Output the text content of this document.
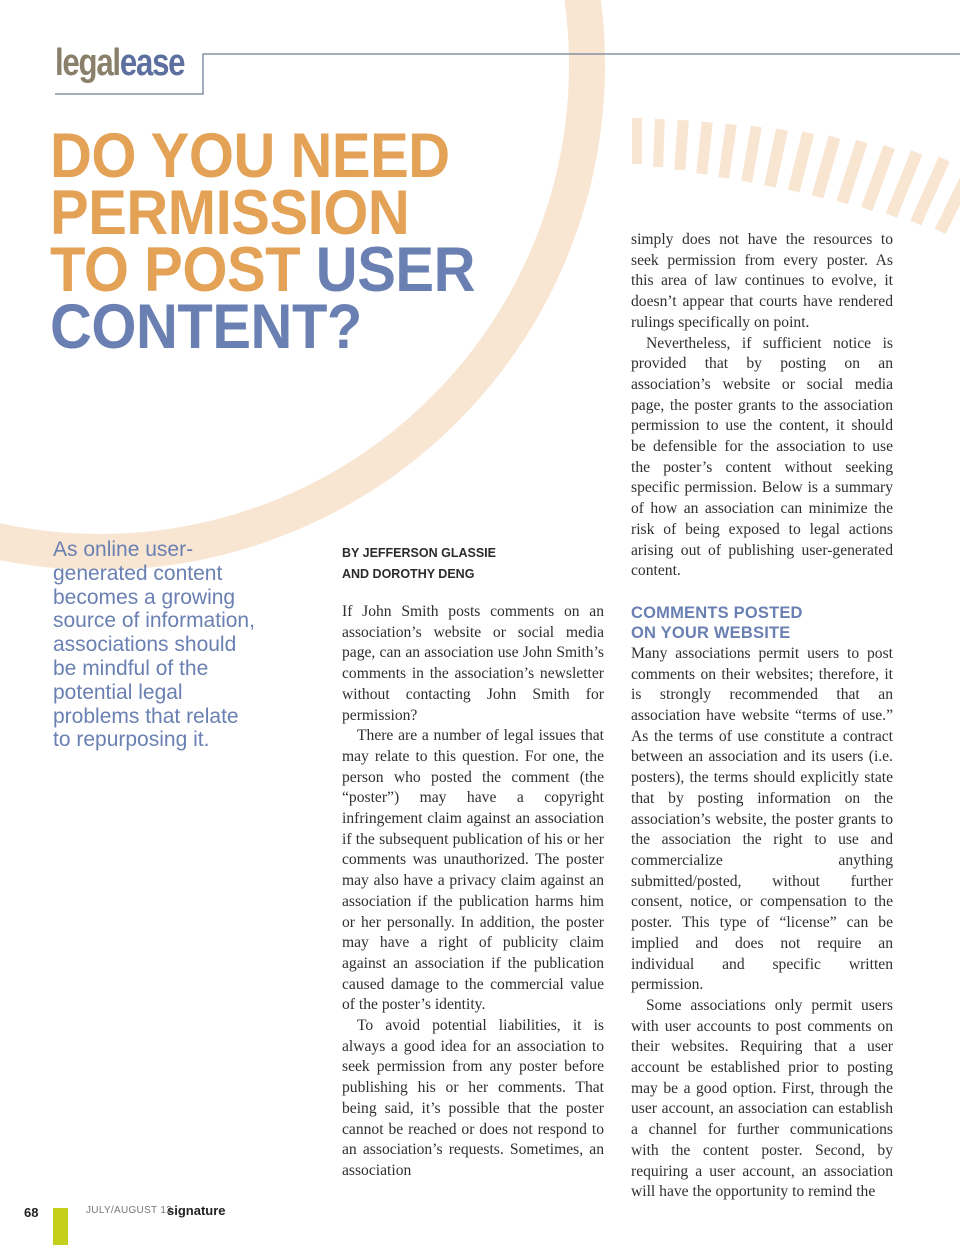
legalease
DO YOU NEED
PERMISSION
TO POST USER
CONTENT?
As online user-
generated content
becomes a growing
source of information,
associations should
be mindful of the
potential legal
problems that relate
to repurposing it.
BY JEFFERSON GLASSIE
AND DOROTHY DENG

If John Smith posts comments on an association’s website or social media page, can an association use John Smith’s comments in the association’s newsletter without contacting John Smith for permission?

There are a number of legal issues that may relate to this question. For one, the person who posted the comment (the “poster”) may have a copyright infringement claim against an association if the subsequent publication of his or her comments was unauthorized. The poster may also have a privacy claim against an association if the publication harms him or her personally. In addition, the poster may have a right of publicity claim against an association if the publication caused damage to the commercial value of the poster’s identity.

To avoid potential liabilities, it is always a good idea for an association to seek permission from any poster before publishing his or her comments. That being said, it’s possible that the poster cannot be reached or does not respond to an association’s requests. Sometimes, an association

simply does not have the resources to seek permission from every poster. As this area of law continues to evolve, it doesn’t appear that courts have rendered rulings specifically on point.

Nevertheless, if sufficient notice is provided that by posting on an association’s website or social media page, the poster grants to the association permission to use the content, it should be defensible for the association to use the poster’s content without seeking specific permission. Below is a summary of how an association can minimize the risk of being exposed to legal actions arising out of publishing user-generated content.

COMMENTS POSTED
ON YOUR WEBSITE

Many associations permit users to post comments on their websites; therefore, it is strongly recommended that an association have website “terms of use.” As the terms of use constitute a contract between an association and its users (i.e. posters), the terms should explicitly state that by posting information on the association’s website, the poster grants to the association the right to use and commercialize anything submitted/posted, without further consent, notice, or compensation to the poster. This type of “license” can be implied and does not require an individual and specific written permission.

Some associations only permit users with user accounts to post comments on their websites. Requiring that a user account be established prior to posting may be a good option. First, through the user account, an association can establish a channel for further communications with the content poster. Second, by requiring a user account, an association will have the opportunity to remind the

68	JULY/AUGUST 12
signature
